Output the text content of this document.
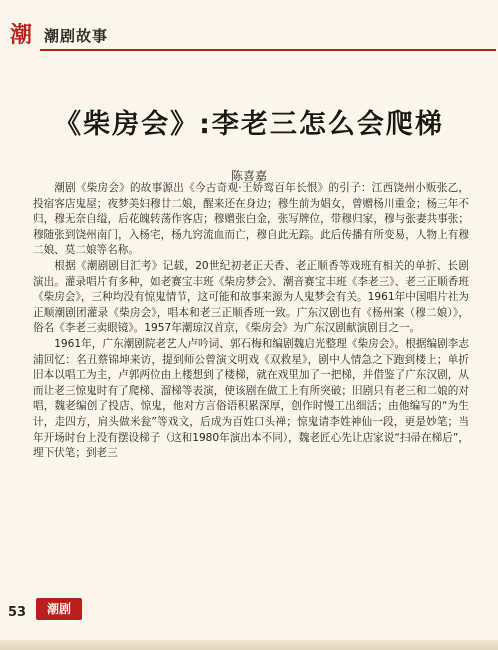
潮 潮剧故事
《柴房会》:李老三怎么会爬梯
陈喜嘉

潮剧《柴房会》的故事源出《今古奇观·王娇鸾百年长恨》的引子：江西饶州小贩张乙，投宿客店鬼屋；夜梦美妇穆廿二娘，醒来还在身边；穆生前为娼女，曾赠杨川重金；杨三年不归，穆无奈自缢，后花魄转荡作客店；穆赠张白金，张写牌位，带穆归家，穆与张妻共事张；穆随张到饶州南门，入杨宅，杨九窍流血而亡，穆自此无踪。此后传播有所变易，人物上有穆二娘、莫二娘等名称。

根据《潮剧剧目汇考》记载，20世纪初老正天香、老正顺香等戏班有相关的单折、长剧演出。灌录唱片有多种，如老赛宝丰班《柴房梦会》、潮音赛宝丰班《李老三》、老三正顺香班《柴房会》，三种均没有惊鬼情节，这可能和故事来源为人鬼梦会有关。1961年中国唱片社为正顺潮剧团灌录《柴房会》，唱本和老三正顺香班一致。广东汉剧也有《杨州案（穆二娘）》，俗名《李老三卖眼镜》。1957年潮琼汉首京，《柴房会》为广东汉剧献演剧目之一。

1961年，广东潮剧院老艺人卢吟词、郭石梅和编剧魏启光整理《柴房会》。根据编剧李志浦回忆：名丑蔡锦坤来访，提到师公曾演文明戏《双救星》，剧中人情急之下跑到楼上；单折旧本以唱工为主，卢郭两位由上楼想到了楼梯，就在戏里加了一把梯，并借鉴了广东汉剧，从而让老三惊鬼时有了爬梯、溜梯等表演，使该剧在做工上有所突破；旧剧只有老三和二娘的对唱，魏老编创了投店、惊鬼，他对方言俗语积累深厚，创作时慢工出细活；由他编写的“为生计，走四方，肩头做米瓮”等戏文，后成为百姓口头禅；惊鬼请李姓神仙一段，更是妙笔；当年开场时台上没有摆设梯子（这和1980年演出本不同），魏老匠心先让店家说“扫帚在梯后”，埋下伏笔；到老三

53	潮剧
